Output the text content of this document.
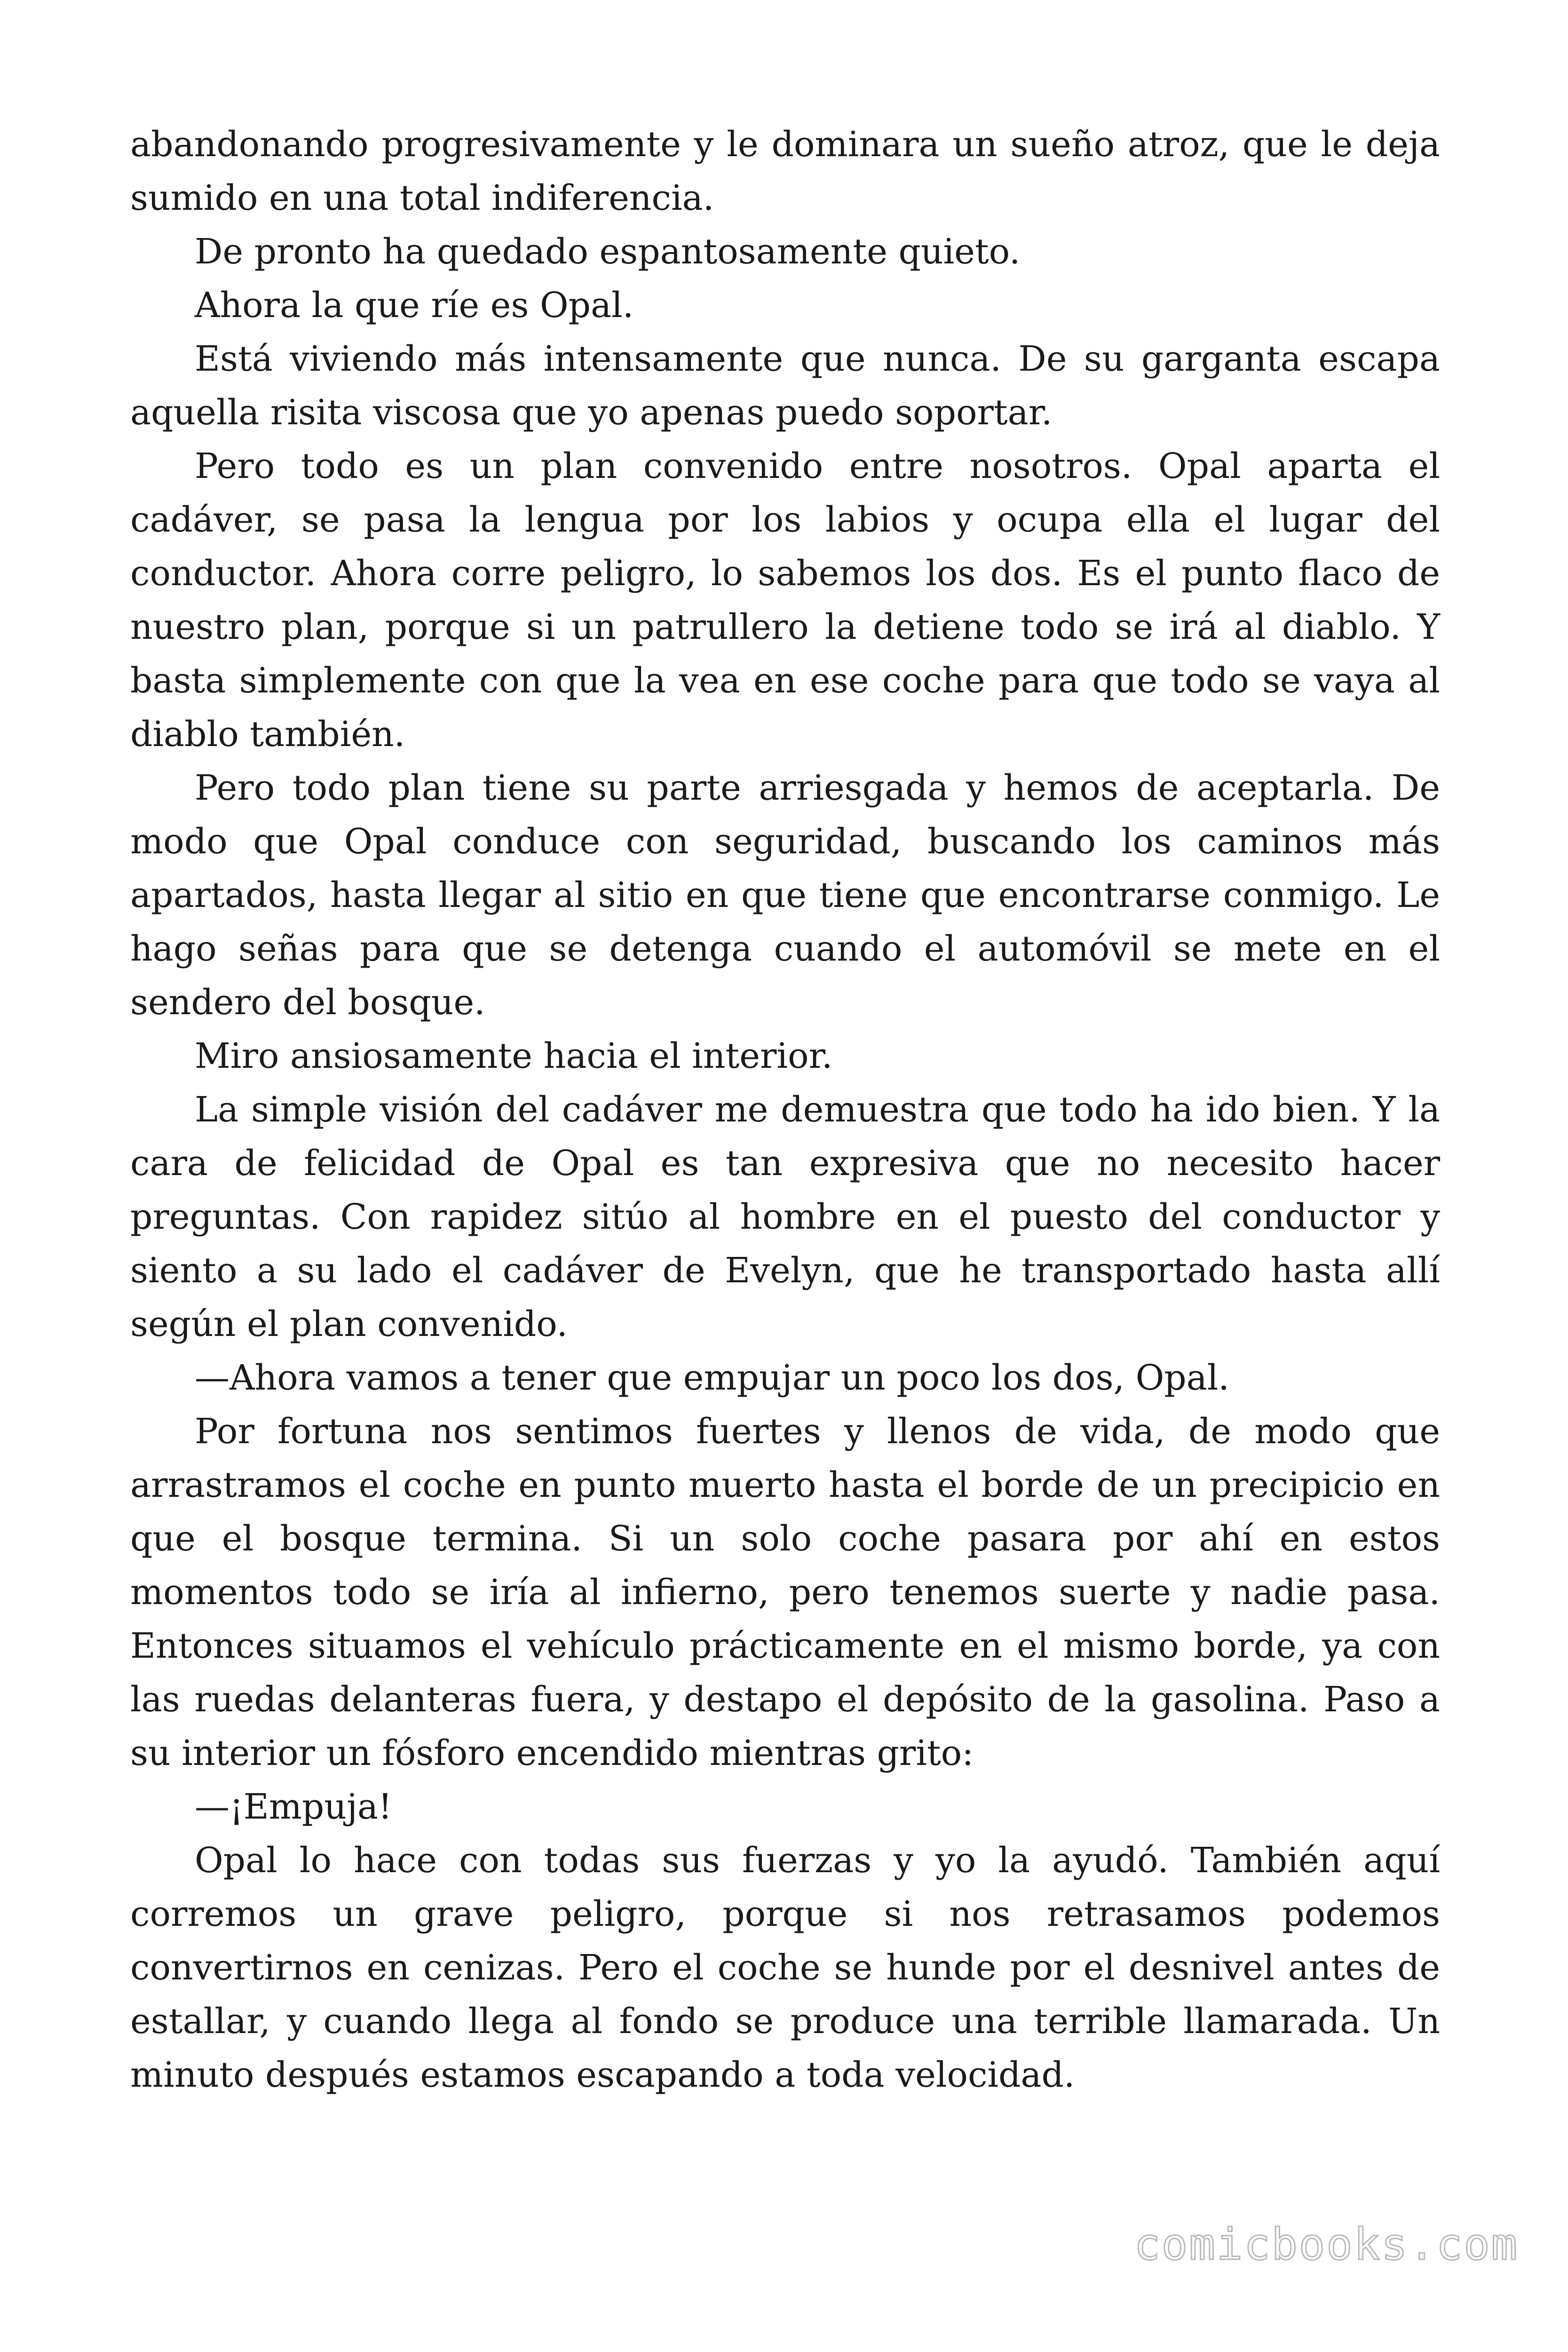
abandonando progresivamente y le dominara un sueño atroz, que le deja sumido en una total indiferencia.

De pronto ha quedado espantosamente quieto.

Ahora la que ríe es Opal.

Está viviendo más intensamente que nunca. De su garganta escapa aquella risita viscosa que yo apenas puedo soportar.

Pero todo es un plan convenido entre nosotros. Opal aparta el cadáver, se pasa la lengua por los labios y ocupa ella el lugar del conductor. Ahora corre peligro, lo sabemos los dos. Es el punto flaco de nuestro plan, porque si un patrullero la detiene todo se irá al diablo. Y basta simplemente con que la vea en ese coche para que todo se vaya al diablo también.

Pero todo plan tiene su parte arriesgada y hemos de aceptarla. De modo que Opal conduce con seguridad, buscando los caminos más apartados, hasta llegar al sitio en que tiene que encontrarse conmigo. Le hago señas para que se detenga cuando el automóvil se mete en el sendero del bosque.

Miro ansiosamente hacia el interior.

La simple visión del cadáver me demuestra que todo ha ido bien. Y la cara de felicidad de Opal es tan expresiva que no necesito hacer preguntas. Con rapidez sitúo al hombre en el puesto del conductor y siento a su lado el cadáver de Evelyn, que he transportado hasta allí según el plan convenido.

—Ahora vamos a tener que empujar un poco los dos, Opal.

Por fortuna nos sentimos fuertes y llenos de vida, de modo que arrastramos el coche en punto muerto hasta el borde de un precipicio en que el bosque termina. Si un solo coche pasara por ahí en estos momentos todo se iría al infierno, pero tenemos suerte y nadie pasa. Entonces situamos el vehículo prácticamente en el mismo borde, ya con las ruedas delanteras fuera, y destapo el depósito de la gasolina. Paso a su interior un fósforo encendido mientras grito:

—¡Empuja!

Opal lo hace con todas sus fuerzas y yo la ayudó. También aquí corremos un grave peligro, porque si nos retrasamos podemos convertirnos en cenizas. Pero el coche se hunde por el desnivel antes de estallar, y cuando llega al fondo se produce una terrible llamarada. Un minuto después estamos escapando a toda velocidad.

comicbooks.com
